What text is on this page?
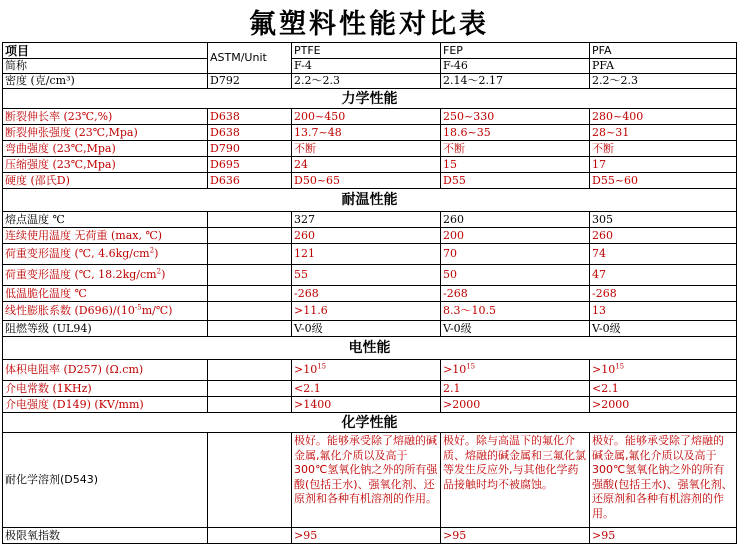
氟塑料性能对比表
项目	ASTM/Unit	PTFE	FEP	PFA
简称		F-4	F-46	PFA
密度 (克/cm³)	D792	2.2～2.3	2.14～2.17	2.2～2.3
力学性能				
断裂伸长率 (23℃,%)	D638	200~450	250~330	280~400
断裂伸张强度 (23℃,Mpa)	D638	13.7~48	18.6~35	28~31
弯曲强度 (23℃,Mpa)	D790	不断	不断	不断
压缩强度 (23℃,Mpa)	D695	24	15	17
硬度 (邵氏D)	D636	D50~65	D55	D55~60
耐温性能				
熔点温度 ℃		327	260	305
连续使用温度 无荷重 (max, ℃)		260	200	260
荷重变形温度 (℃, $4.6kg/cm^2$)		121	70	74
荷重变形温度 (℃, $18.2kg/cm^2$)		55	50	47
低温脆化温度 ℃		-268	-268	-268
线性膨胀系数 $(D696)/(10^{-5}m/℃)$		>11.6	8.3～10.5	13
阻燃等级 (UL94)		V-0级	V-0级	V-0级
电性能				
体积电阻率 (D257) (Ω.cm)		$>10^{15}$	$>10^{15}$	$>10^{15}$
介电常数 (1KHz)		<2.1	2.1	<2.1
介电强度 (D149) (KV/mm)		>1400	>2000	>2000
化学性能				
耐化学溶剂(D543)		极好。能够承受除了熔融的碱金属,氟化介质以及高于300℃氢氧化钠之外的所有强酸(包括王水)、强氧化剂、还原剂和各种有机溶剂的作用。	极好。除与高温下的氟化介质、熔融的碱金属和三氟化氯等发生反应外,与其他化学药品接触时均不被腐蚀。	极好。能够承受除了熔融的碱金属,氟化介质以及高于300℃氢氧化钠之外的所有强酸(包括王水)、强氧化剂、还原剂和各种有机溶剂的作用。
极限氧指数		>95	>95	>95
